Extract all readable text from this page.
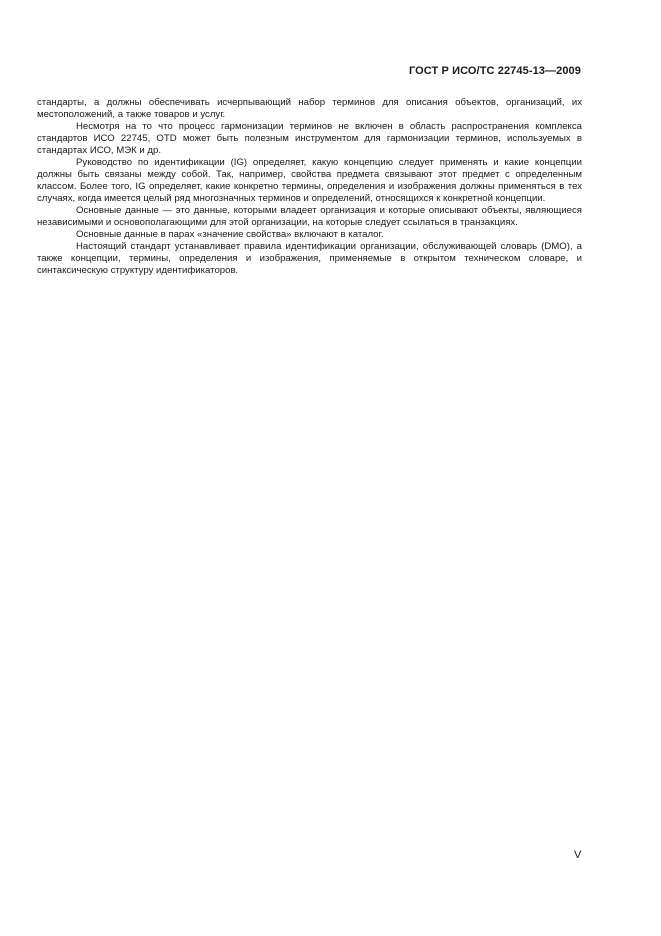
ГОСТ Р ИСО/ТС 22745-13—2009

стандарты, а должны обеспечивать исчерпывающий набор терминов для описания объектов, организаций, их местоположений, а также товаров и услуг.

Несмотря на то что процесс гармонизации терминов не включен в область распространения комплекса стандартов ИСО 22745, OTD может быть полезным инструментом для гармонизации терминов, используемых в стандартах ИСО, МЭК и др.

Руководство по идентификации (IG) определяет, какую концепцию следует применять и какие концепции должны быть связаны между собой. Так, например, свойства предмета связывают этот предмет с определенным классом. Более того, IG определяет, какие конкретно термины, определения и изображения должны применяться в тех случаях, когда имеется целый ряд многозначных терминов и определений, относящихся к конкретной концепции.

Основные данные — это данные, которыми владеет организация и которые описывают объекты, являющиеся независимыми и основополагающими для этой организации, на которые следует ссылаться в транзакциях.

Основные данные в парах «значение свойства» включают в каталог.

Настоящий стандарт устанавливает правила идентификации организации, обслуживающей словарь (DMO), а также концепции, термины, определения и изображения, применяемые в открытом техническом словаре, и синтаксическую структуру идентификаторов.

V
